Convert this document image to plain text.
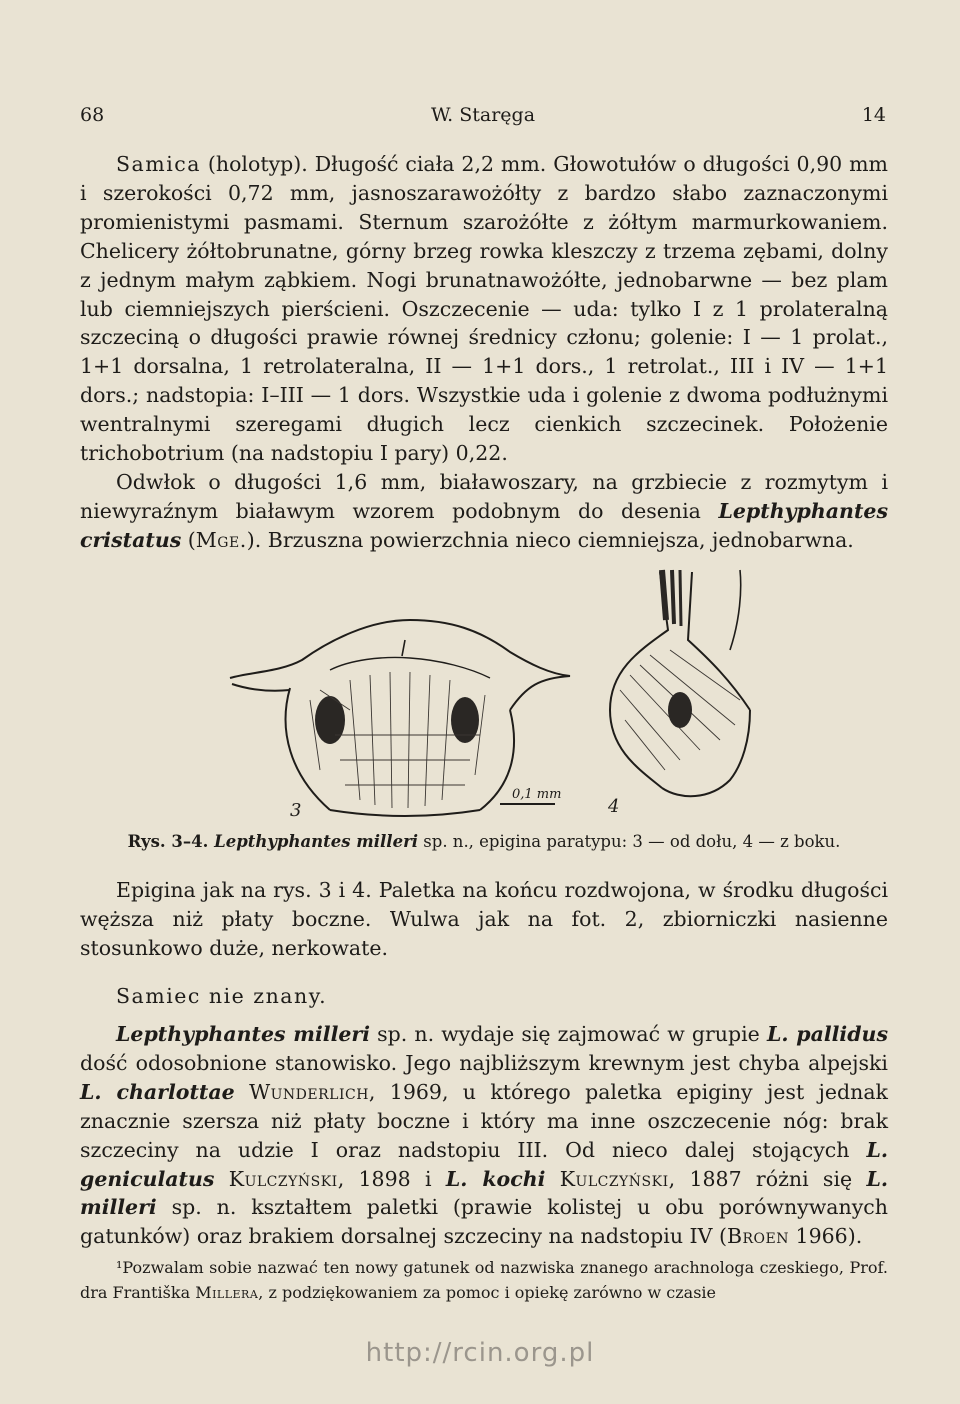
68	W. Staręga	14

Samica (holotyp). Długość ciała 2,2 mm. Głowotułów o długości 0,90 mm i szerokości 0,72 mm, jasnoszarawożółty z bardzo słabo zaznaczonymi promienistymi pasmami. Sternum szarożółte z żółtym marmurkowaniem. Chelicery żółtobrunatne, górny brzeg rowka kleszczy z trzema zębami, dolny z jednym małym ząbkiem. Nogi brunatnawożółte, jednobarwne — bez plam lub ciemniejszych pierścieni. Oszczecenie — uda: tylko I z 1 prolateralną szczeciną o długości prawie równej średnicy członu; golenie: I — 1 prolat., 1+1 dorsalna, 1 retrolateralna, II — 1+1 dors., 1 retrolat., III i IV — 1+1 dors.; nadstopia: I–III — 1 dors. Wszystkie uda i golenie z dwoma podłużnymi wentralnymi szeregami długich lecz cienkich szczecinek. Położenie trichobotrium (na nadstopiu I pary) 0,22.

Odwłok o długości 1,6 mm, białawoszary, na grzbiecie z rozmytym i niewyraźnym białawym wzorem podobnym do desenia Lepthyphantes cristatus (Mge.). Brzuszna powierzchnia nieco ciemniejsza, jednobarwna.

3
0,1 mm
4
Rys. 3–4. Lepthyphantes milleri sp. n., epigina paratypu: 3 — od dołu, 4 — z boku.

Epigina jak na rys. 3 i 4. Paletka na końcu rozdwojona, w środku długości węższa niż płaty boczne. Wulwa jak na fot. 2, zbiorniczki nasienne stosunkowo duże, nerkowate.

Samiec nie znany.

Lepthyphantes milleri sp. n. wydaje się zajmować w grupie L. pallidus dość odosobnione stanowisko. Jego najbliższym krewnym jest chyba alpejski L. charlottae Wunderlich, 1969, u którego paletka epiginy jest jednak znacznie szersza niż płaty boczne i który ma inne oszczecenie nóg: brak szczeciny na udzie I oraz nadstopiu III. Od nieco dalej stojących L. geniculatus Kulczyński, 1898 i L. kochi Kulczyński, 1887 różni się L. milleri sp. n. kształtem paletki (prawie kolistej u obu porównywanych gatunków) oraz brakiem dorsalnej szczeciny na nadstopiu IV (Broen 1966).

¹Pozwalam sobie nazwać ten nowy gatunek od nazwiska znanego arachnologa czeskiego, Prof. dra Františka Millera, z podziękowaniem za pomoc i opiekę zarówno w czasie

http://rcin.org.pl
